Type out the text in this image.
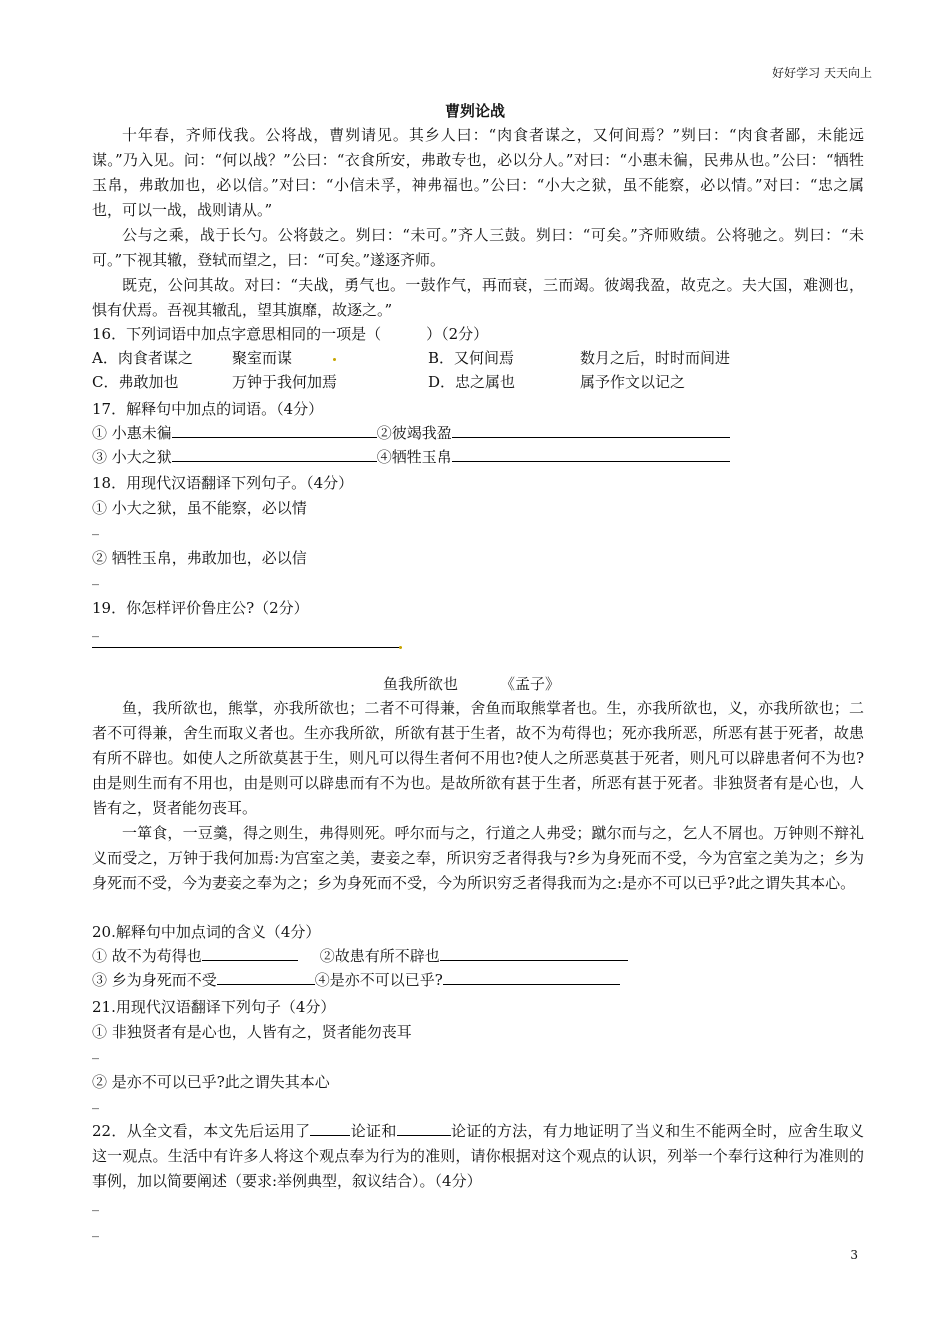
好好学习 天天向上
曹刿论战

十年春，齐师伐我。公将战，曹刿请见。其乡人曰：“肉食者谋之，又何间焉？”刿曰：“肉食者鄙，未能远谋。”乃入见。问：“何以战？”公曰：“衣食所安，弗敢专也，必以分人。”对曰：“小惠未徧，民弗从也。”公曰：“牺牲玉帛，弗敢加也，必以信。”对曰：“小信未孚，神弗福也。”公曰：“小大之狱，虽不能察，必以情。”对曰：“忠之属也，可以一战，战则请从。”

公与之乘，战于长勺。公将鼓之。刿曰：“未可。”齐人三鼓。刿曰：“可矣。”齐师败绩。公将驰之。刿曰：“未可。”下视其辙，登轼而望之，曰：“可矣。”遂逐齐师。

既克，公问其故。对曰：“夫战，勇气也。一鼓作气，再而衰，三而竭。彼竭我盈，故克之。夫大国，难测也，惧有伏焉。吾视其辙乱，望其旗靡，故逐之。”

16．下列词语中加点字意思相同的一项是（　　　）（2分）
A．肉食者谋之	聚室而谋	B．又何间焉	数月之后，时时而间进
C．弗敢加也	万钟于我何加焉	D．忠之属也	属予作文以记之
17．解释句中加点的词语。（4分）
① 小惠未徧	②彼竭我盈
③ 小大之狱	④牺牲玉帛
18．用现代汉语翻译下列句子。（4分）
① 小大之狱，虽不能察，必以情
_
② 牺牲玉帛，弗敢加也，必以信
_
19．你怎样评价鲁庄公?（2分）
_
鱼我所欲也	《孟子》

鱼，我所欲也，熊掌，亦我所欲也；二者不可得兼，舍鱼而取熊掌者也。生，亦我所欲也，义，亦我所欲也；二者不可得兼，舍生而取义者也。生亦我所欲，所欲有甚于生者，故不为苟得也；死亦我所恶，所恶有甚于死者，故患有所不辟也。如使人之所欲莫甚于生，则凡可以得生者何不用也?使人之所恶莫甚于死者，则凡可以辟患者何不为也?由是则生而有不用也，由是则可以辟患而有不为也。是故所欲有甚于生者，所恶有甚于死者。非独贤者有是心也，人皆有之，贤者能勿丧耳。

一箪食，一豆羹，得之则生，弗得则死。呼尔而与之，行道之人弗受；蹴尔而与之，乞人不屑也。万钟则不辩礼义而受之，万钟于我何加焉:为宫室之美，妻妾之奉，所识穷乏者得我与?乡为身死而不受，今为宫室之美为之；乡为身死而不受，今为妻妾之奉为之；乡为身死而不受，今为所识穷乏者得我而为之:是亦不可以已乎?此之谓失其本心。

20.解释句中加点词的含义（4分）
① 故不为苟得也	②故患有所不辟也
③ 乡为身死而不受	④是亦不可以已乎?
21.用现代汉语翻译下列句子（4分）
① 非独贤者有是心也，人皆有之，贤者能勿丧耳
_
② 是亦不可以已乎?此之谓失其本心
_

22．从全文看，本文先后运用了	论证和	论证的方法，有力地证明了当义和生不能两全时，应舍生取义这一观点。生活中有许多人将这个观点奉为行为的准则，请你根据对这个观点的认识，列举一个奉行这种行为准则的事例，加以简要阐述（要求:举例典型，叙议结合）。（4分）

_
_
3
